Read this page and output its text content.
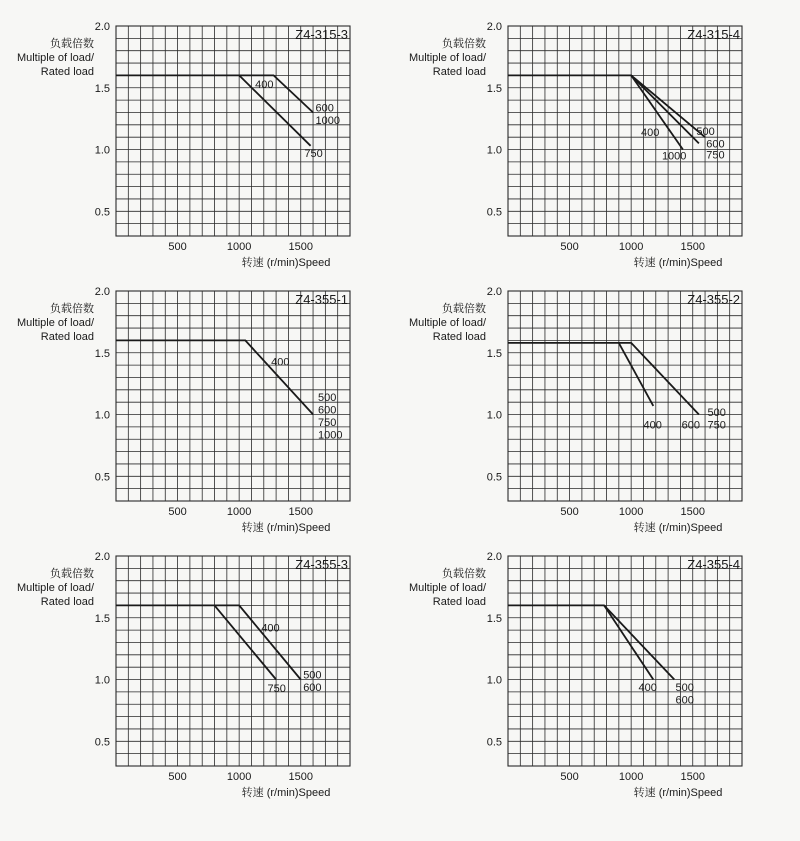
Z4-315-3
2.0
1.5
1.0
0.5
500	1000	1500
负载倍数
Multiple of load/
Rated load
转速 (r/min)Speed
400
600
1000
750
Z4-315-4
2.0
1.5
1.0
0.5
500	1000	1500
负载倍数
Multiple of load/
Rated load
转速 (r/min)Speed
400	500
600
1000 750
Z4-355-1
2.0
1.5
1.0
0.5
500	1000	1500
负载倍数
Multiple of load/
Rated load
转速 (r/min)Speed
400
500
600
750
1000
Z4-355-2
2.0
1.5
1.0
0.5
500	1000	1500
负载倍数
Multiple of load/
Rated load
转速 (r/min)Speed
400 600
500
750
Z4-355-3
2.0
1.5
1.0
0.5
500	1000	1500
负载倍数
Multiple of load/
Rated load
转速 (r/min)Speed
400
750
500
600
Z4-355-4
2.0
1.5
1.0
0.5
500	1000	1500
负载倍数
Multiple of load/
Rated load
转速 (r/min)Speed
400 500
600
